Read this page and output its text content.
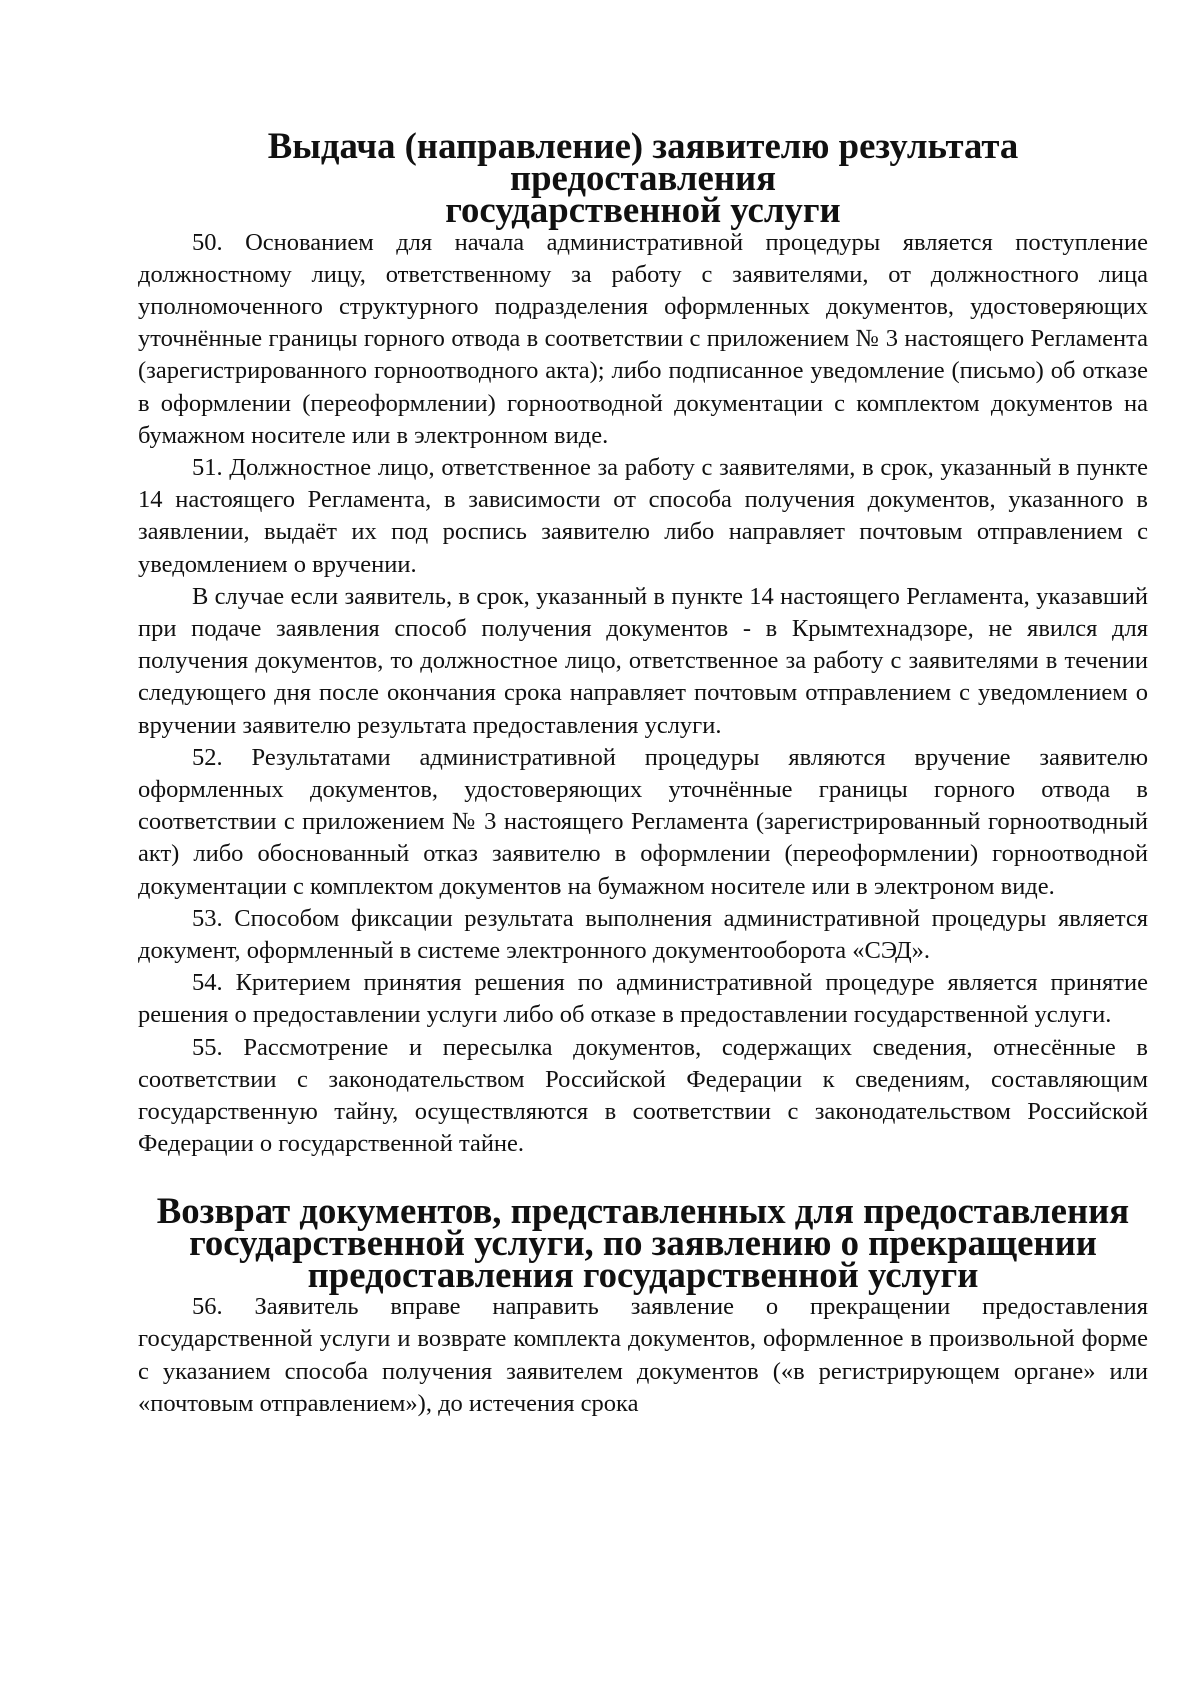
Выдача (направление) заявителю результата предоставления
государственной услуги

50. Основанием для начала административной процедуры является поступление должностному лицу, ответственному за работу с заявителями, от должностного лица уполномоченного структурного подразделения оформленных документов, удостоверяющих уточнённые границы горного отвода в соответствии с приложением № 3 настоящего Регламента (зарегистрированного горноотводного акта); либо подписанное уведомление (письмо) об отказе в оформлении (переоформлении) горноотводной документации с комплектом документов на бумажном носителе или в электронном виде.

51. Должностное лицо, ответственное за работу с заявителями, в срок, указанный в пункте 14 настоящего Регламента, в зависимости от способа получения документов, указанного в заявлении, выдаёт их под роспись заявителю либо направляет почтовым отправлением с уведомлением о вручении.

В случае если заявитель, в срок, указанный в пункте 14 настоящего Регламента, указавший при подаче заявления способ получения документов - в Крымтехнадзоре, не явился для получения документов, то должностное лицо, ответственное за работу с заявителями в течении следующего дня после окончания срока направляет почтовым отправлением с уведомлением о вручении заявителю результата предоставления услуги.

52. Результатами административной процедуры являются вручение заявителю оформленных документов, удостоверяющих уточнённые границы горного отвода в соответствии с приложением № 3 настоящего Регламента (зарегистрированный горноотводный акт) либо обоснованный отказ заявителю в оформлении (переоформлении) горноотводной документации с комплектом документов на бумажном носителе или в электроном виде.

53. Способом фиксации результата выполнения административной процедуры является документ, оформленный в системе электронного документооборота «СЭД».

54. Критерием принятия решения по административной процедуре является принятие решения о предоставлении услуги либо об отказе в предоставлении государственной услуги.

55. Рассмотрение и пересылка документов, содержащих сведения, отнесённые в соответствии с законодательством Российской Федерации к сведениям, составляющим государственную тайну, осуществляются в соответствии с законодательством Российской Федерации о государственной тайне.

Возврат документов, представленных для предоставления
государственной услуги, по заявлению о прекращении
предоставления государственной услуги

56. Заявитель вправе направить заявление о прекращении предоставления государственной услуги и возврате комплекта документов, оформленное в произвольной форме с указанием способа получения заявителем документов («в регистрирующем органе» или «почтовым отправлением»), до истечения срока
